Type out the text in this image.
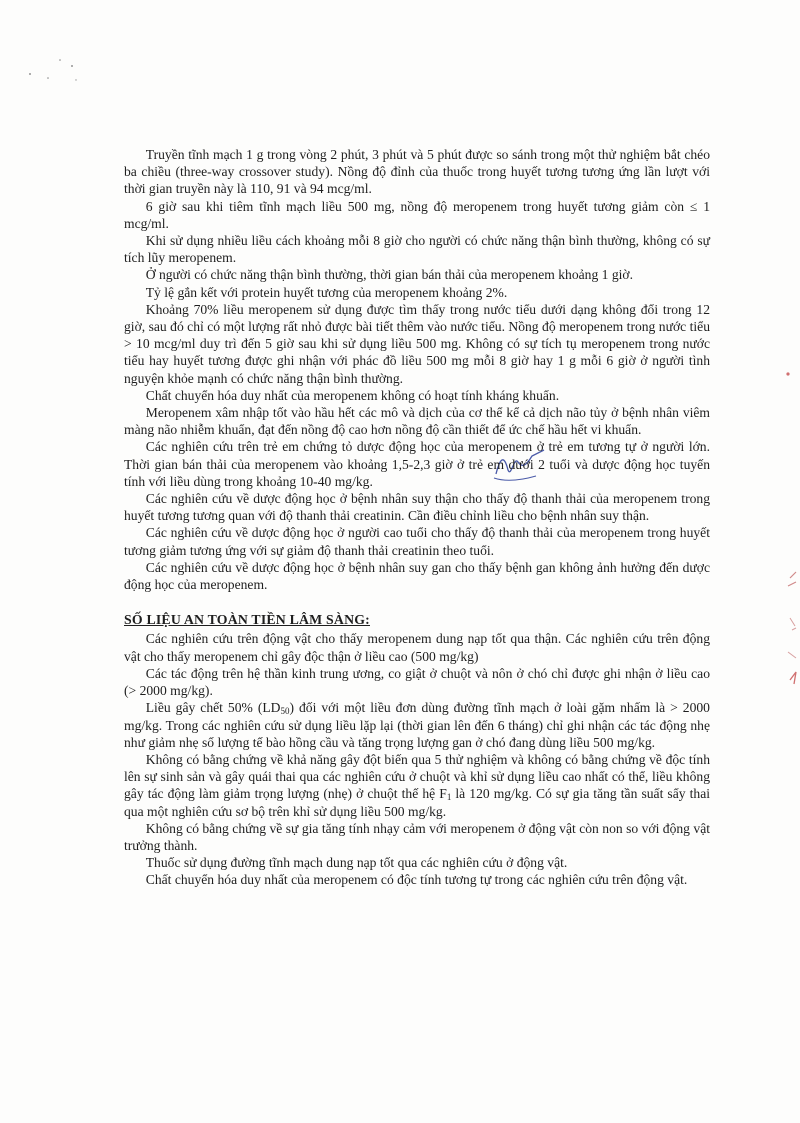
Truyền tĩnh mạch 1 g trong vòng 2 phút, 3 phút và 5 phút được so sánh trong một thử nghiệm bắt chéo ba chiều (three-way crossover study). Nồng độ đỉnh của thuốc trong huyết tương tương ứng lần lượt với thời gian truyền này là 110, 91 và 94 mcg/ml.

6 giờ sau khi tiêm tĩnh mạch liều 500 mg, nồng độ meropenem trong huyết tương giảm còn ≤ 1 mcg/ml.

Khi sử dụng nhiều liều cách khoảng mỗi 8 giờ cho người có chức năng thận bình thường, không có sự tích lũy meropenem.

Ở người có chức năng thận bình thường, thời gian bán thải của meropenem khoảng 1 giờ.

Tỷ lệ gắn kết với protein huyết tương của meropenem khoảng 2%.

Khoảng 70% liều meropenem sử dụng được tìm thấy trong nước tiểu dưới dạng không đổi trong 12 giờ, sau đó chỉ có một lượng rất nhỏ được bài tiết thêm vào nước tiểu. Nồng độ meropenem trong nước tiểu > 10 mcg/ml duy trì đến 5 giờ sau khi sử dụng liều 500 mg. Không có sự tích tụ meropenem trong nước tiểu hay huyết tương được ghi nhận với phác đồ liều 500 mg mỗi 8 giờ hay 1 g mỗi 6 giờ ở người tình nguyện khỏe mạnh có chức năng thận bình thường.

Chất chuyển hóa duy nhất của meropenem không có hoạt tính kháng khuẩn.

Meropenem xâm nhập tốt vào hầu hết các mô và dịch của cơ thể kể cả dịch não tủy ở bệnh nhân viêm màng não nhiễm khuẩn, đạt đến nồng độ cao hơn nồng độ cần thiết để ức chế hầu hết vi khuẩn.

Các nghiên cứu trên trẻ em chứng tỏ dược động học của meropenem ở trẻ em tương tự ở người lớn. Thời gian bán thải của meropenem vào khoảng 1,5-2,3 giờ ở trẻ em dưới 2 tuổi và dược động học tuyến tính với liều dùng trong khoảng 10-40 mg/kg.

Các nghiên cứu về dược động học ở bệnh nhân suy thận cho thấy độ thanh thải của meropenem trong huyết tương tương quan với độ thanh thải creatinin. Cần điều chỉnh liều cho bệnh nhân suy thận.

Các nghiên cứu về dược động học ở người cao tuổi cho thấy độ thanh thải của meropenem trong huyết tương giảm tương ứng với sự giảm độ thanh thải creatinin theo tuổi.

Các nghiên cứu về dược động học ở bệnh nhân suy gan cho thấy bệnh gan không ảnh hưởng đến dược động học của meropenem.

SỐ LIỆU AN TOÀN TIỀN LÂM SÀNG:

Các nghiên cứu trên động vật cho thấy meropenem dung nạp tốt qua thận. Các nghiên cứu trên động vật cho thấy meropenem chỉ gây độc thận ở liều cao (500 mg/kg)

Các tác động trên hệ thần kinh trung ương, co giật ở chuột và nôn ở chó chỉ được ghi nhận ở liều cao (> 2000 mg/kg).

Liều gây chết 50% $(LD_{50})$ đối với một liều đơn dùng đường tĩnh mạch ở loài gặm nhấm là > 2000 mg/kg. Trong các nghiên cứu sử dụng liều lặp lại (thời gian lên đến 6 tháng) chỉ ghi nhận các tác động nhẹ như giảm nhẹ số lượng tế bào hồng cầu và tăng trọng lượng gan ở chó đang dùng liều 500 mg/kg.

Không có bằng chứng về khả năng gây đột biến qua 5 thử nghiệm và không có bằng chứng về độc tính lên sự sinh sản và gây quái thai qua các nghiên cứu ở chuột và khỉ sử dụng liều cao nhất có thể, liều không gây tác động làm giảm trọng lượng (nhẹ) ở chuột thế hệ $F_1$ là 120 mg/kg. Có sự gia tăng tần suất sẩy thai qua một nghiên cứu sơ bộ trên khỉ sử dụng liều 500 mg/kg.

Không có bằng chứng về sự gia tăng tính nhạy cảm với meropenem ở động vật còn non so với động vật trưởng thành.

Thuốc sử dụng đường tĩnh mạch dung nạp tốt qua các nghiên cứu ở động vật.

Chất chuyển hóa duy nhất của meropenem có độc tính tương tự trong các nghiên cứu trên động vật.
